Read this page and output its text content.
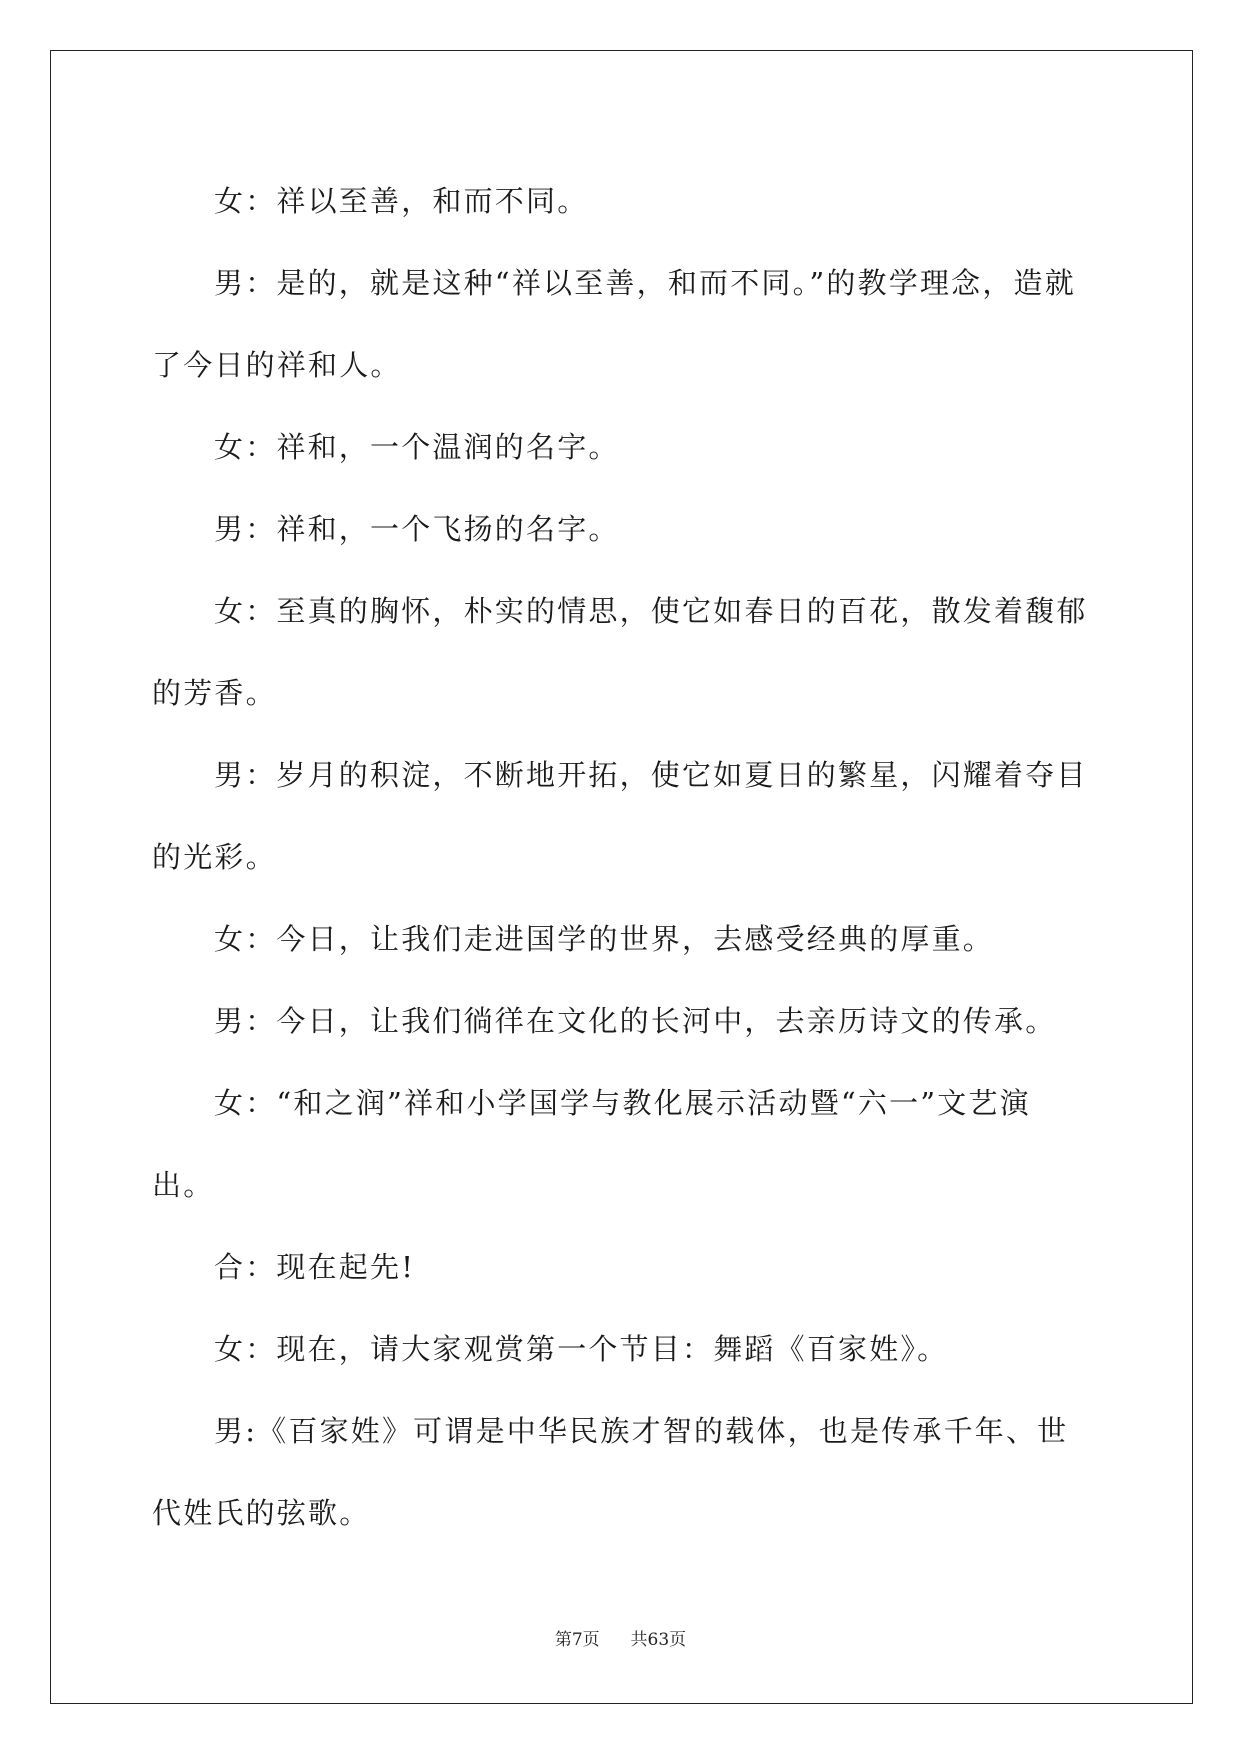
女：祥以至善，和而不同。

男：是的，就是这种“祥以至善，和而不同。”的教学理念，造就了今日的祥和人。

女：祥和，一个温润的名字。

男：祥和，一个飞扬的名字。

女：至真的胸怀，朴实的情思，使它如春日的百花，散发着馥郁的芳香。

男：岁月的积淀，不断地开拓，使它如夏日的繁星，闪耀着夺目的光彩。

女：今日，让我们走进国学的世界，去感受经典的厚重。

男：今日，让我们徜徉在文化的长河中，去亲历诗文的传承。

女：“和之润”祥和小学国学与教化展示活动暨“六一”文艺演出。

合：现在起先!

女：现在，请大家观赏第一个节目：舞蹈《百家姓》。

男:《百家姓》可谓是中华民族才智的载体，也是传承千年、世代姓氏的弦歌。

第7页 共63页
